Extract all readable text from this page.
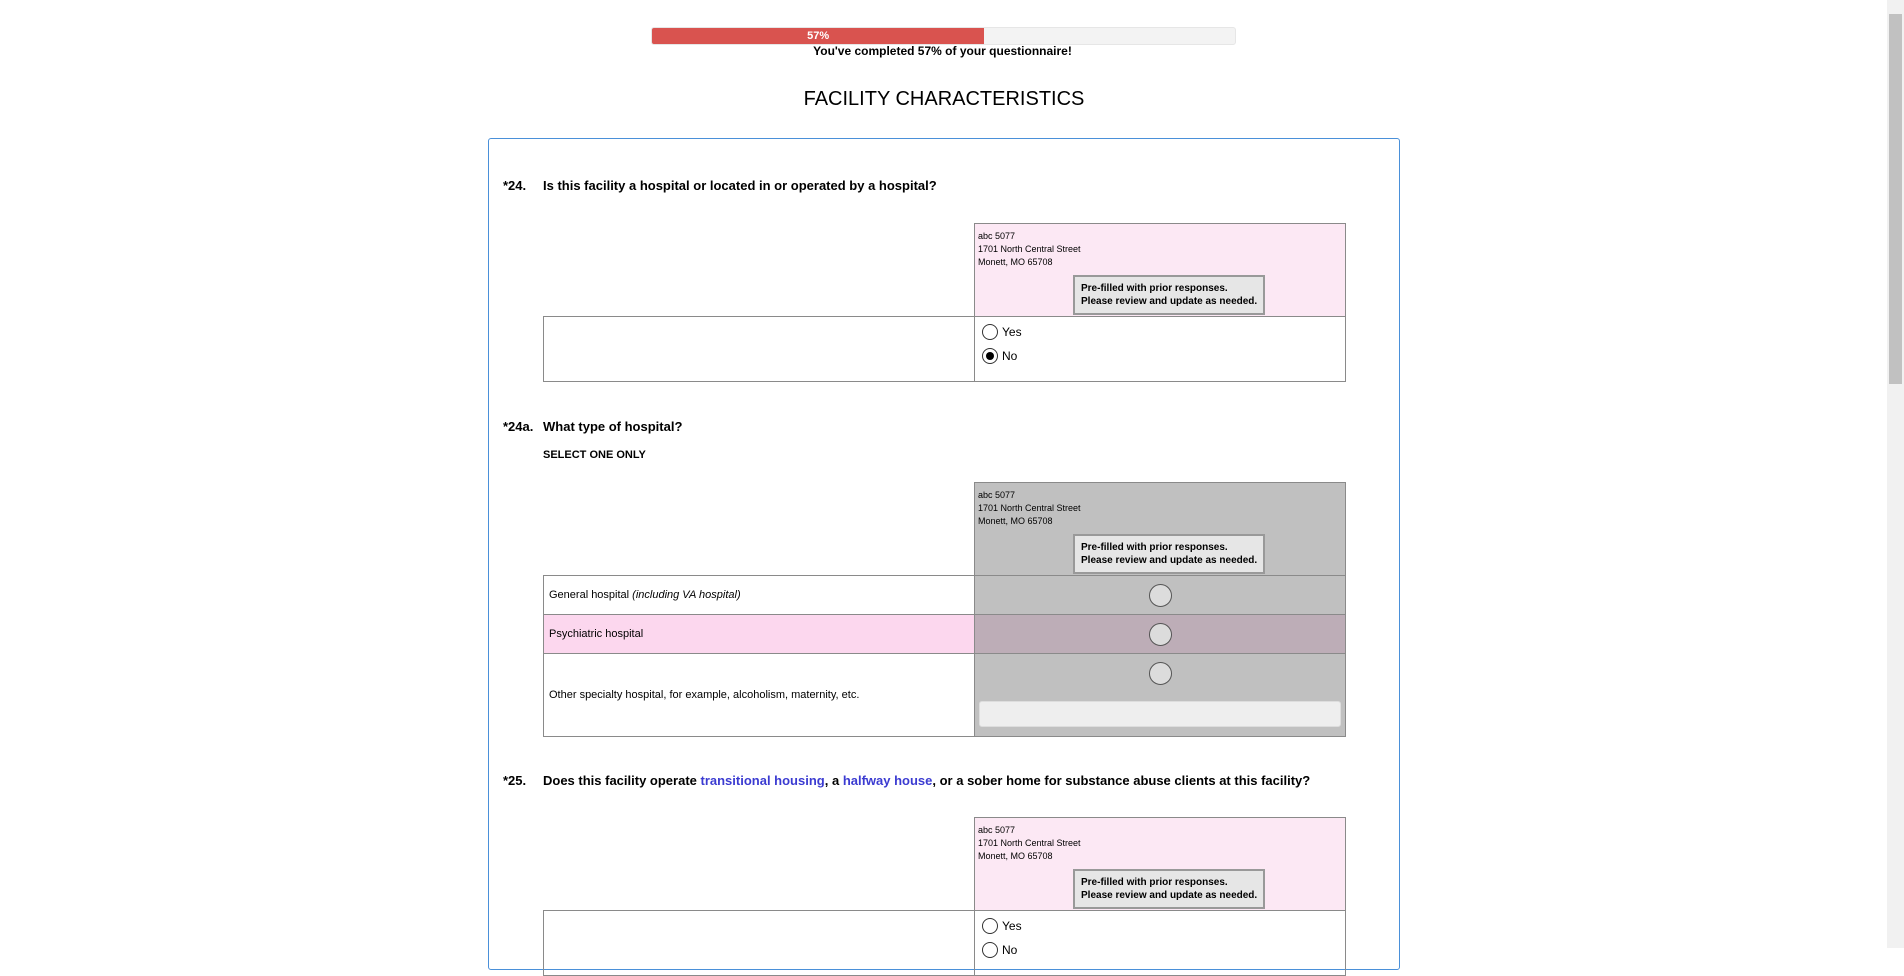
57%
You've completed 57% of your questionnaire!
FACILITY CHARACTERISTICS
*24. Is this facility a hospital or located in or operated by a hospital?
abc 5077
1701 North Central Street
Monett, MO 65708
Pre-filled with prior responses.
Please review and update as needed.
Yes
No
*24a. What type of hospital?
SELECT ONE ONLY
abc 5077
1701 North Central Street
Monett, MO 65708
Pre-filled with prior responses.
Please review and update as needed.
General hospital
(including VA hospital)
Psychiatric hospital
Other specialty hospital, for example, alcoholism, maternity, etc.
*25. Does this facility operate transitional housing, a halfway house, or a sober home for substance abuse clients at this facility?
abc 5077
1701 North Central Street
Monett, MO 65708
Pre-filled with prior responses.
Please review and update as needed.
Yes
No
